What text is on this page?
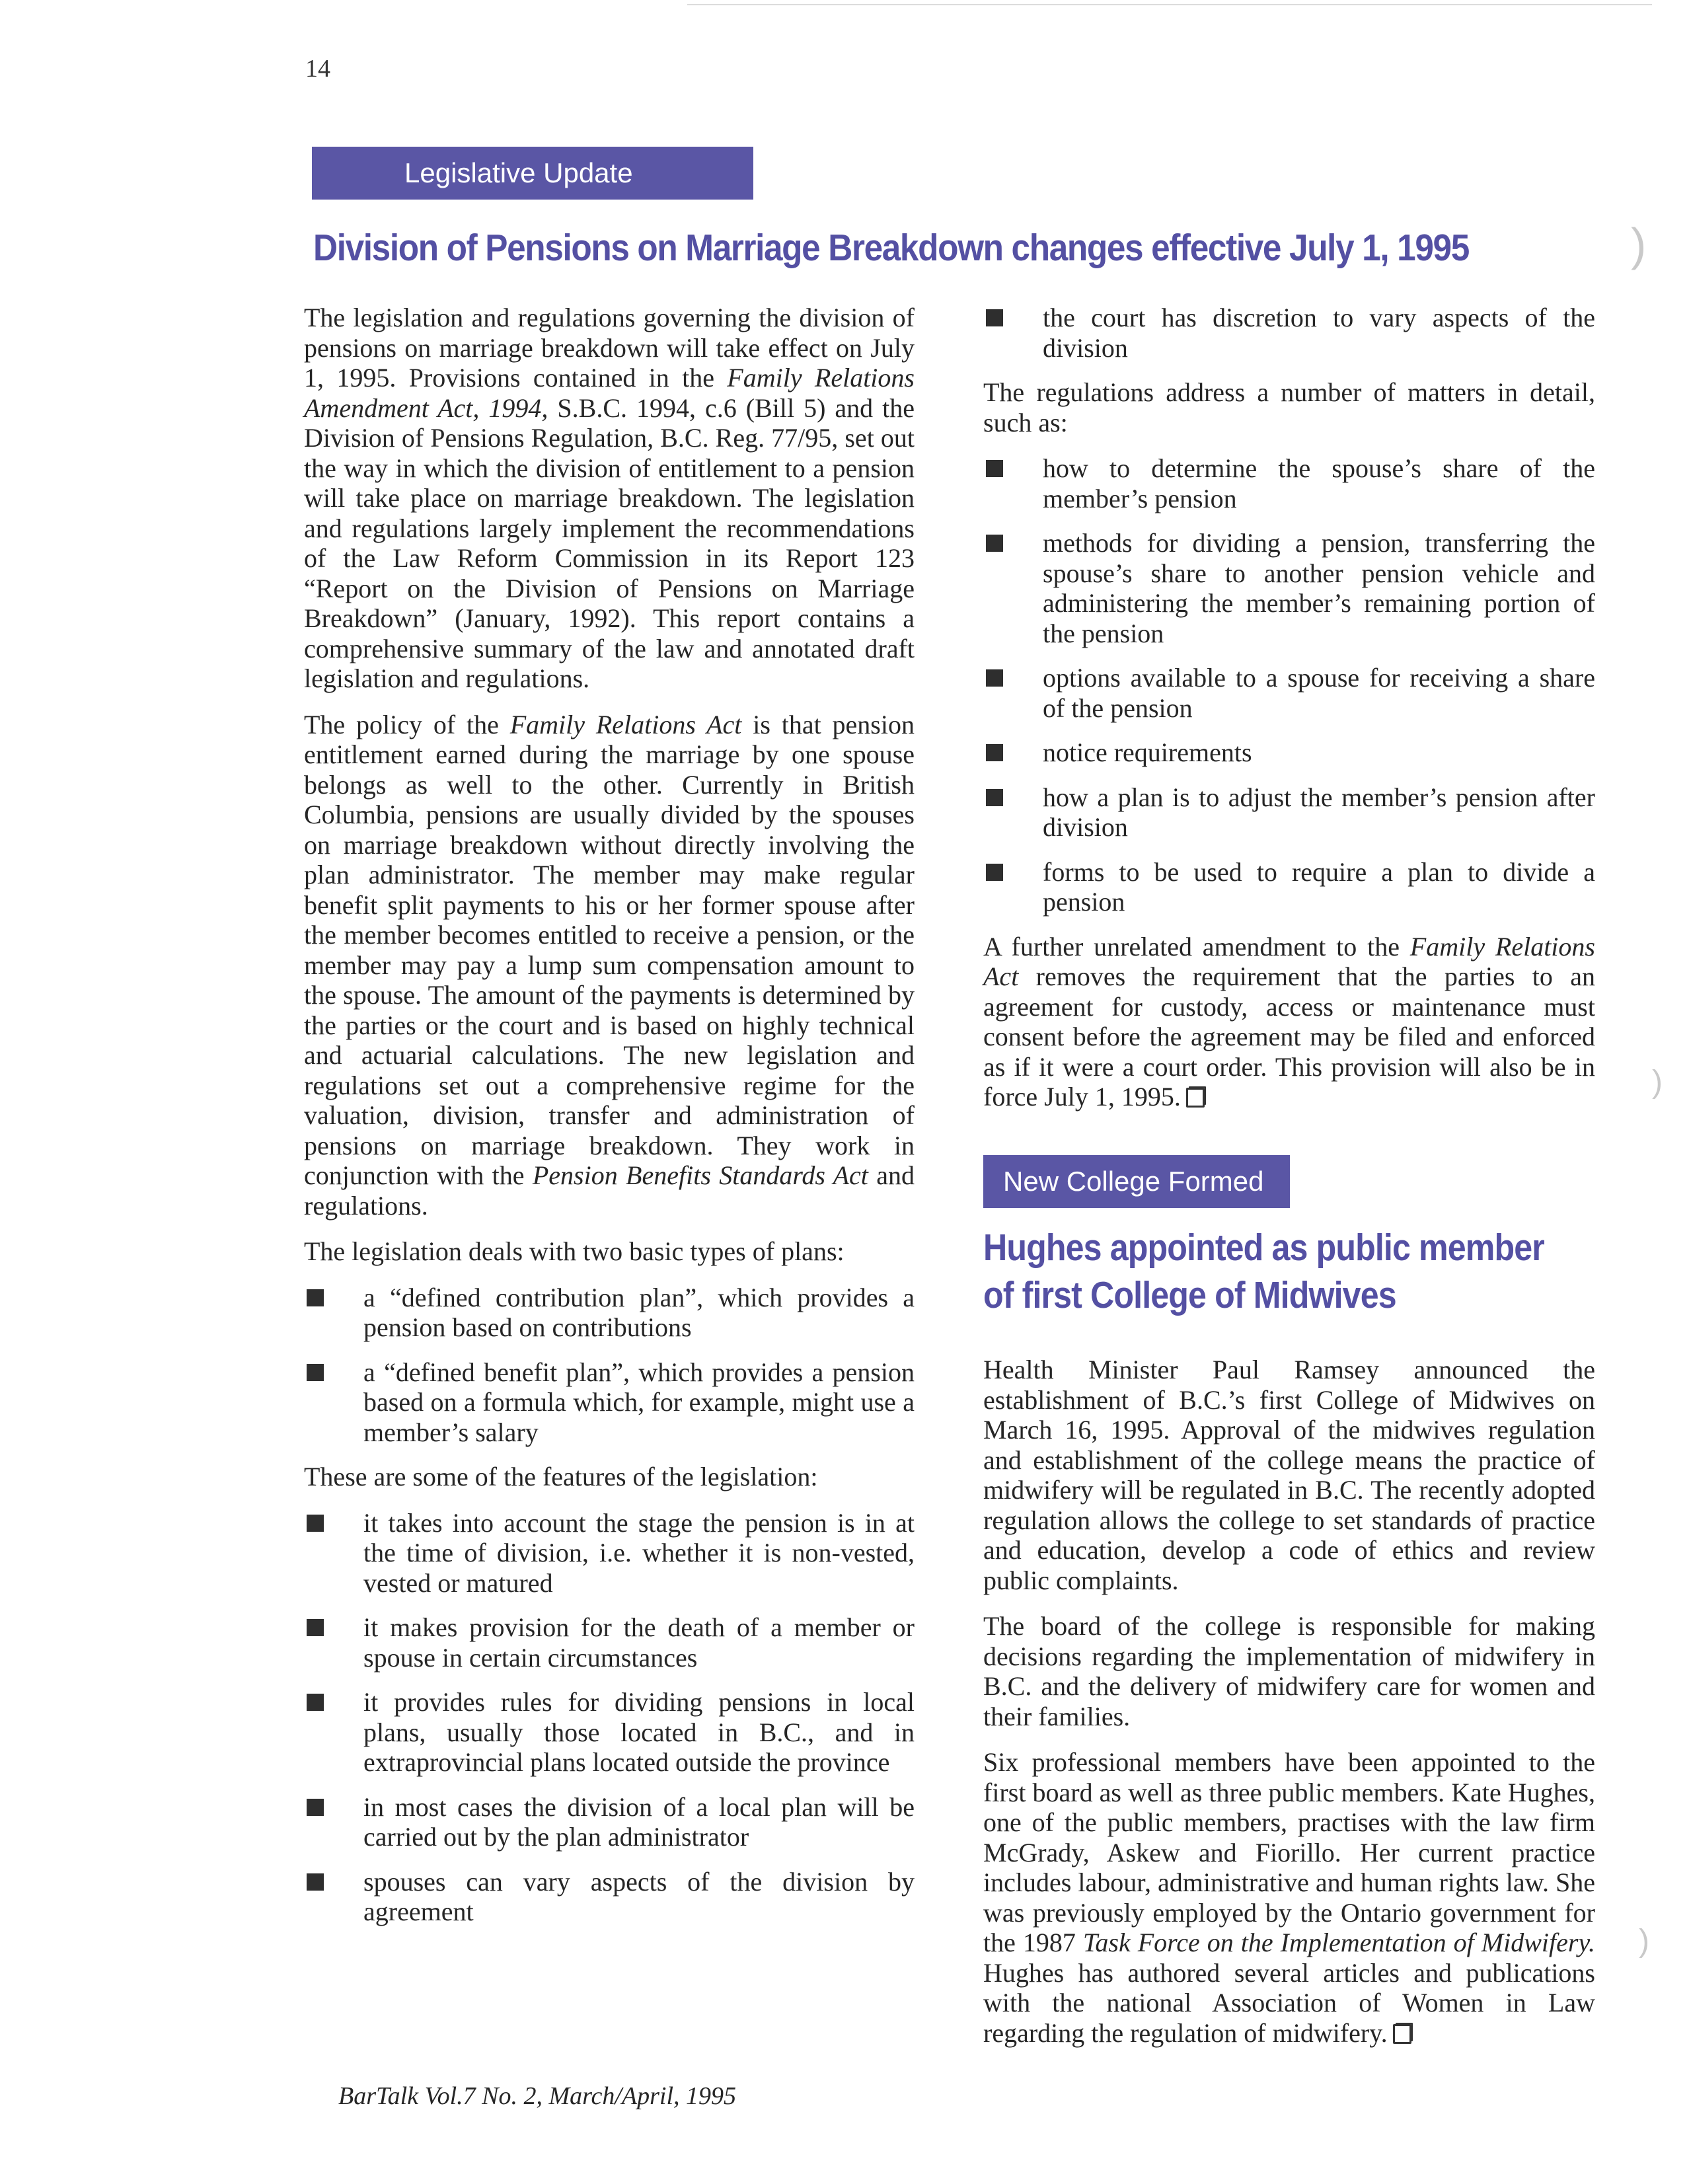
)
)
)
14
Legislative Update
Division of Pensions on Marriage Breakdown changes effective July 1, 1995

The legislation and regulations governing the division of pensions on marriage breakdown will take effect on July 1, 1995. Provisions contained in the Family Relations Amendment Act, 1994, S.B.C. 1994, c.6 (Bill 5) and the Division of Pensions Regulation, B.C. Reg. 77/95, set out the way in which the division of entitlement to a pension will take place on marriage breakdown. The legislation and regulations largely implement the recommendations of the Law Reform Commission in its Report 123 “Report on the Division of Pensions on Marriage Breakdown” (January, 1992). This report contains a comprehensive summary of the law and annotated draft legislation and regulations.

The policy of the Family Relations Act is that pension entitlement earned during the marriage by one spouse belongs as well to the other. Currently in British Columbia, pensions are usually divided by the spouses on marriage breakdown without directly involving the plan administrator. The member may make regular benefit split payments to his or her former spouse after the member becomes entitled to receive a pension, or the member may pay a lump sum compensation amount to the spouse. The amount of the payments is determined by the parties or the court and is based on highly technical and actuarial calculations. The new legislation and regulations set out a comprehensive regime for the valuation, division, transfer and administration of pensions on marriage breakdown. They work in conjunction with the Pension Benefits Standards Act and regulations.

The legislation deals with two basic types of plans:

a “defined contribution plan”, which provides a pension based on contributions
a “defined benefit plan”, which provides a pension based on a formula which, for example, might use a member’s salary

These are some of the features of the legislation:

it takes into account the stage the pension is in at the time of division, i.e. whether it is non-vested, vested or matured
it makes provision for the death of a member or spouse in certain circumstances
it provides rules for dividing pensions in local plans, usually those located in B.C., and in extraprovincial plans located outside the province
in most cases the division of a local plan will be carried out by the plan administrator
spouses can vary aspects of the division by agreement
the court has discretion to vary aspects of the division

The regulations address a number of matters in detail, such as:

how to determine the spouse’s share of the member’s pension
methods for dividing a pension, transferring the spouse’s share to another pension vehicle and administering the member’s remaining portion of the pension
options available to a spouse for receiving a share of the pension
notice requirements
how a plan is to adjust the member’s pension after division
forms to be used to require a plan to divide a pension

A further unrelated amendment to the Family Relations Act removes the requirement that the parties to an agreement for custody, access or maintenance must consent before the agreement may be filed and enforced as if it were a court order. This provision will also be in force July 1, 1995.

New College Formed
Hughes appointed as public member of first College of Midwives

Health Minister Paul Ramsey announced the establishment of B.C.’s first College of Midwives on March 16, 1995. Approval of the midwives regulation and establishment of the college means the practice of midwifery will be regulated in B.C. The recently adopted regulation allows the college to set standards of practice and education, develop a code of ethics and review public complaints.

The board of the college is responsible for making decisions regarding the implementation of midwifery in B.C. and the delivery of midwifery care for women and their families.

Six professional members have been appointed to the first board as well as three public members. Kate Hughes, one of the public members, practises with the law firm McGrady, Askew and Fiorillo. Her current practice includes labour, administrative and human rights law. She was previously employed by the Ontario government for the 1987 Task Force on the Implementation of Midwifery. Hughes has authored several articles and publications with the national Association of Women in Law regarding the regulation of midwifery.

BarTalk Vol.7 No. 2, March/April, 1995
